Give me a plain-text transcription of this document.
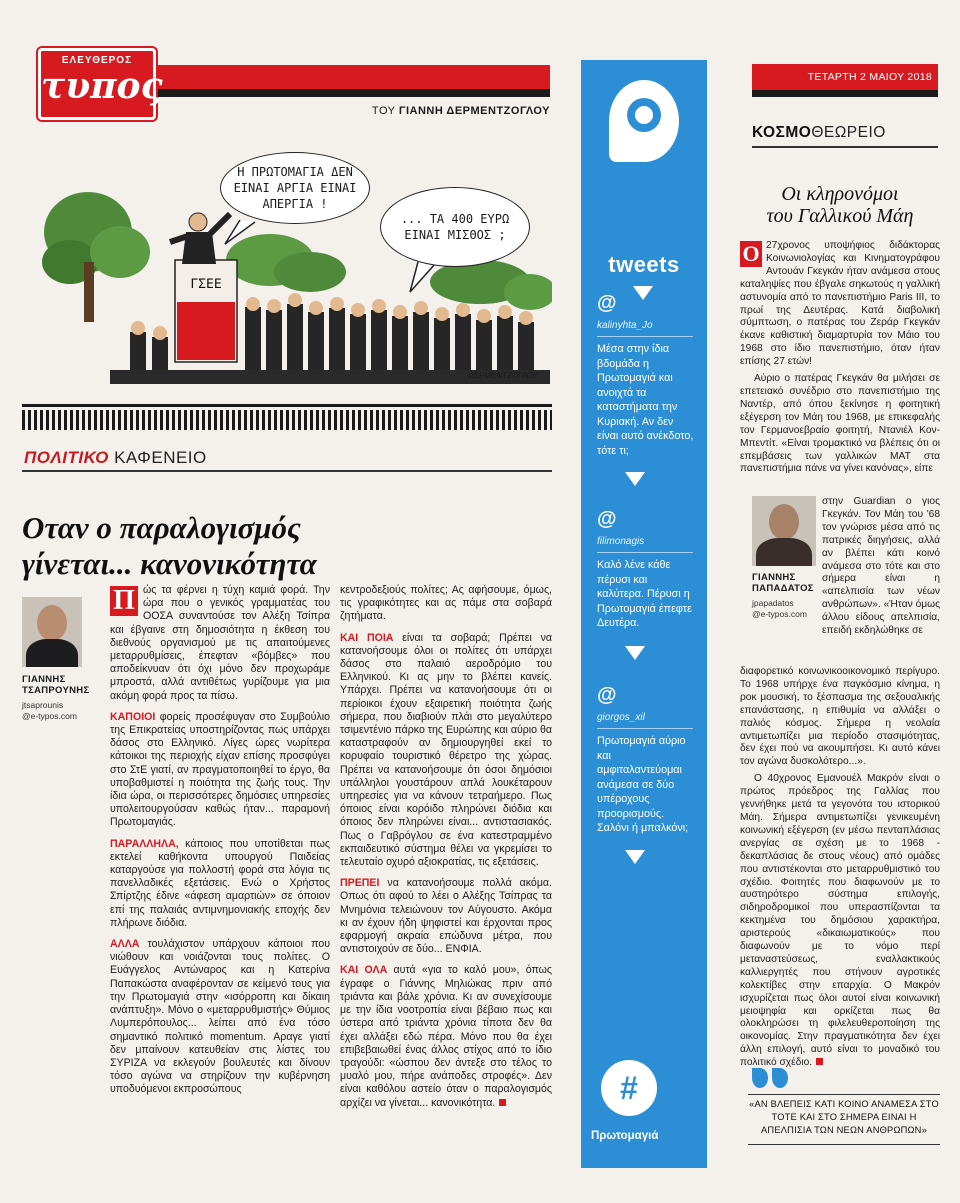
ΕΛΕΥΘΕΡΟΣ
τυπος
ΤΟΥ ΓΙΑΝΝΗ ΔΕΡΜΕΝΤΖΟΓΛΟΥ
ΓΣΕΕ
Η ΠΡΩΤΟΜΑΓΙΑ ΔΕΝ ΕΙΝΑΙ ΑΡΓΙΑ ΕΙΝΑΙ ΑΠΕΡΓΙΑ !
... ΤΑ 400 ΕΥΡΩ ΕΙΝΑΙ ΜΙΣΘΟΣ ;
ΔΕΡΜΕΝΤΖΟΓΛΟΥ
ΠΟΛΙΤΙΚΟ ΚΑΦΕΝΕΙΟ
Οταν ο παραλογισμός
γίνεται... κανονικότητα
ΓΙΑΝΝΗΣ
ΤΣΑΠΡΟΥΝΗΣ
jtsaprounis
@e-typos.com

Π ώς τα φέρνει η τύχη καμιά φορά. Την ώρα που ο γενικός γραμματέας του ΟΟΣΑ συναντούσε τον Αλέξη Τσίπρα και έβγαινε στη δημοσιότητα η έκθεση του διεθνούς οργανισμού με τις απαιτούμενες μεταρρυθμίσεις, έπεφταν «βόμβες» που αποδείκνυαν ότι όχι μόνο δεν προχωράμε μπροστά, αλλά αντιθέτως γυρίζουμε για μια ακόμη φορά προς τα πίσω.

ΚΑΠΟΙΟΙ φορείς προσέφυγαν στο Συμβούλιο της Επικρατείας υποστηρίζοντας πως υπάρχει δάσος στο Ελληνικό. Λίγες ώρες νωρίτερα κάτοικοι της περιοχής είχαν επίσης προσφύγει στο ΣτΕ γιατί, αν πραγματοποιηθεί το έργο, θα υποβαθμιστεί η ποιότητα της ζωής τους. Την ίδια ώρα, οι περισσότερες δημόσιες υπηρεσίες υπολειτουργούσαν καθώς ήταν... παραμονή Πρωτομαγιάς.

ΠΑΡΑΛΛΗΛΑ, κάποιος που υποτίθεται πως εκτελεί καθήκοντα υπουργού Παιδείας καταργούσε για πολλοστή φορά στα λόγια τις πανελλαδικές εξετάσεις. Ενώ ο Χρήστος Σπίρτζης έδινε «άφεση αμαρτιών» σε όποιον επί της παλαιάς αντιμνημονιακής εποχής δεν πλήρωνε διόδια.

ΑΛΛΑ τουλάχιστον υπάρχουν κάποιοι που νιώθουν και νοιάζονται τους πολίτες. Ο Ευάγγελος Αντώναρος και η Κατερίνα Παπακώστα αναφέρονταν σε κείμενό τους για την Πρωτομαγιά στην «ισόρροπη και δίκαιη ανάπτυξη». Μόνο ο «μεταρρυθμιστής» Θύμιος Λυμπερόπουλος... λείπει από ένα τόσο σημαντικό πολιτικό momentum. Αραγε γιατί δεν μπαίνουν κατευθείαν στις λίστες του ΣΥΡΙΖΑ να εκλεγούν βουλευτές και δίνουν τόσο αγώνα να στηρίζουν την κυβέρνηση υποδυόμενοι εκπροσώπους

κεντροδεξιούς πολίτες; Ας αφήσουμε, όμως, τις γραφικότητες και ας πάμε στα σοβαρά ζητήματα.

ΚΑΙ ΠΟΙΑ είναι τα σοβαρά; Πρέπει να κατανοήσουμε όλοι οι πολίτες ότι υπάρχει δάσος στο παλαιό αεροδρόμιο του Ελληνικού. Κι ας μην το βλέπει κανείς. Υπάρχει. Πρέπει να κατανοήσουμε ότι οι περίοικοι έχουν εξαιρετική ποιότητα ζωής σήμερα, που διαβιούν πλάι στο μεγαλύτερο τσιμεντένιο πάρκο της Ευρώπης και αύριο θα καταστραφούν αν δημιουργηθεί εκεί το κορυφαίο τουριστικό θέρετρο της χώρας. Πρέπει να κατανοήσουμε ότι όσοι δημόσιοι υπάλληλοι γουστάρουν απλά λουκέταρουν υπηρεσίες για να κάνουν τετραήμερο. Πως όποιος είναι κορόιδο πληρώνει διόδια και όποιος δεν πληρώνει είναι... αντιστασιακός. Πως ο Γαβρόγλου σε ένα κατεστραμμένο εκπαιδευτικό σύστημα θέλει να γκρεμίσει το τελευταίο οχυρό αξιοκρατίας, τις εξετάσεις.

ΠΡΕΠΕΙ να κατανοήσουμε πολλά ακόμα. Οπως ότι αφού το λέει ο Αλέξης Τσίπρας τα Μνημόνια τελειώνουν τον Αύγουστο. Ακόμα κι αν έχουν ήδη ψηφιστεί και έρχονται προς εφαρμογή ακραία επώδυνα μέτρα, που αντιστοιχούν σε δύο... ΕΝΦΙΑ.

ΚΑΙ ΟΛΑ αυτά «για το καλό μου», όπως έγραφε ο Γιάννης Μηλιώκας πριν από τριάντα και βάλε χρόνια. Κι αν συνεχίσουμε με την ίδια νοοτροπία είναι βέβαιο πως και ύστερα από τριάντα χρόνια τίποτα δεν θα έχει αλλάξει εδώ πέρα. Μόνο που θα έχει επιβεβαιωθεί ένας άλλος στίχος από το ίδιο τραγούδι: «ώσπου δεν άντεξε στο τέλος το μυαλό μου, πήρε ανάποδες στροφές». Δεν είναι καθόλου αστείο όταν ο παραλογισμός αρχίζει να γίνεται... κανονικότητα.

tweets
@
kalinyhta_Jo
Μέσα στην ίδια βδομάδα η Πρωτομαγιά και ανοιχτά τα καταστήματα την Κυριακή. Αν δεν είναι αυτό ανέκδοτο, τότε τι;
@
filimonagis
Καλό λένε κάθε πέρυσι και καλύτερα. Πέρυσι η Πρωτομαγιά έπεφτε Δευτέρα.
@
giorgos_xil
Πρωτομαγιά αύριο και αμφιταλαντεύομαι ανάμεσα σε δύο υπέροχους προορισμούς. Σαλόνι ή μπαλκόνι;
#
Πρωτομαγιά
ΤΕΤΑΡΤΗ 2 ΜΑΙΟΥ 2018
ΚΟΣΜΟΘΕΩΡΕΙΟ
Οι κληρονόμοι
του Γαλλικού Μάη

Ο 27χρονος υποψήφιος διδάκτορας Κοινωνιολογίας και Κινηματογράφου Αντουάν Γκεγκάν ήταν ανάμεσα στους καταληψίες που έβγαλε σηκωτούς η γαλλική αστυνομία από το πανεπιστήμιο Paris III, το πρωί της Δευτέρας. Κατά διαβολική σύμπτωση, ο πατέρας του Ζεράρ Γκεγκάν έκανε καθιστική διαμαρτυρία τον Μάιο του 1968 στο ίδιο πανεπιστήμιο, όταν ήταν επίσης 27 ετών!

Αύριο ο πατέρας Γκεγκάν θα μιλήσει σε επετειακό συνέδριο στο πανεπιστήμιο της Ναντέρ, από όπου ξεκίνησε η φοιτητική εξέγερση τον Μάη του 1968, με επικεφαλής τον Γερμανοεβραίο φοιτητή, Ντανιέλ Κον-Μπεντίτ. «Είναι τρομακτικό να βλέπεις ότι οι επεμβάσεις των γαλλικών ΜΑΤ στα πανεπιστήμια πάνε να γίνει κανόνας», είπε

ΓΙΑΝΝΗΣ
ΠΑΠΑΔΑΤΟΣ
jpapadatos
@e-typos.com
στην Guardian ο γιος Γκεγκάν. Τον Μάη του '68 τον γνώρισε μέσα από τις πατρικές διηγήσεις, αλλά αν βλέπει κάτι κοινό ανάμεσα στο τότε και στο σήμερα είναι η «απελπισία των νέων ανθρώπων». «Ήταν όμως άλλου είδους απελπισία, επειδή εκδηλώθηκε σε

διαφορετικό κοινωνικοοικονομικό περίγυρο. Το 1968 υπήρχε ένα παγκόσμιο κίνημα, η ροκ μουσική, το ξέσπασμα της σεξουαλικής επανάστασης, η επιθυμία να αλλάξει ο παλιός κόσμος. Σήμερα η νεολαία αντιμετωπίζει μια περίοδο στασιμότητας, δεν έχει πού να ακουμπήσει. Κι αυτό κάνει τον αγώνα δυσκολότερο...».

Ο 40χρονος Εμανουέλ Μακρόν είναι ο πρώτος πρόεδρος της Γαλλίας που γεννήθηκε μετά τα γεγονότα του ιστορικού Μάη. Σήμερα αντιμετωπίζει γενικευμένη κοινωνική εξέγερση (εν μέσω πενταπλάσιας ανεργίας σε σχέση με το 1968 - δεκαπλάσιας δε στους νέους) από ομάδες που αντιστέκονται στο μεταρρυθμιστικό του σχέδιο. Φοιτητές που διαφωνούν με το αυστηρότερο σύστημα επιλογής, σιδηροδρομικοί που υπερασπίζονται τα κεκτημένα του δημόσιου χαρακτήρα, αριστερούς «δικαιωματικούς» που διαφωνούν με το νόμο περί μεταναστεύσεως, εναλλακτικούς καλλιεργητές που στήνουν αγροτικές κολεκτίβες στην επαρχία. Ο Μακρόν ισχυρίζεται πως όλοι αυτοί είναι κοινωνική μειοψηφία και ορκίζεται πως θα ολοκληρώσει τη φιλελευθεροποίηση της οικονομίας. Στην πραγματικότητα δεν έχει άλλη επιλογή, αυτό είναι το μοναδικό του πολιτικό σχέδιο.

«ΑΝ ΒΛΕΠΕΙΣ ΚΑΤΙ ΚΟΙΝΟ ΑΝΑΜΕΣΑ ΣΤΟ ΤΟΤΕ ΚΑΙ ΣΤΟ ΣΗΜΕΡΑ ΕΙΝΑΙ Η ΑΠΕΛΠΙΣΙΑ ΤΩΝ ΝΕΩΝ ΑΝΘΡΩΠΩΝ»
